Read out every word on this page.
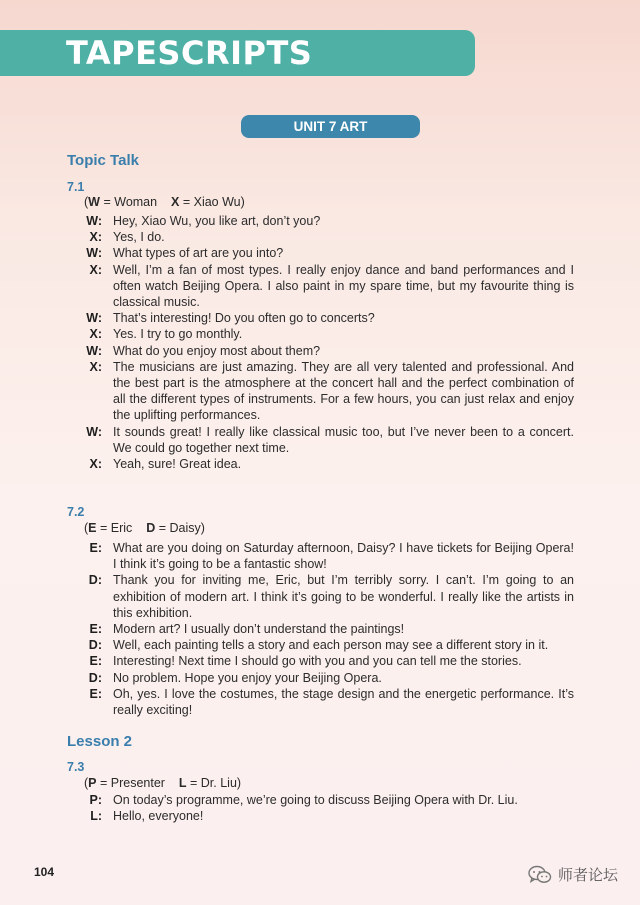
TAPESCRIPTS
UNIT 7 ART
Topic Talk
7.1
(W = Woman X = Xiao Wu)
W: Hey, Xiao Wu, you like art, don’t you?
X: Yes, I do.
W: What types of art are you into?
X: Well, I’m a fan of most types. I really enjoy dance and band performances and I often watch Beijing Opera. I also paint in my spare time, but my favourite thing is classical music.
W: That’s interesting! Do you often go to concerts?
X: Yes. I try to go monthly.
W: What do you enjoy most about them?
X: The musicians are just amazing. They are all very talented and professional. And the best part is the atmosphere at the concert hall and the perfect combination of all the different types of instruments. For a few hours, you can just relax and enjoy the uplifting performances.
W: It sounds great! I really like classical music too, but I’ve never been to a concert. We could go together next time.
X: Yeah, sure! Great idea.
7.2
(E = Eric D = Daisy)
E: What are you doing on Saturday afternoon, Daisy? I have tickets for Beijing Opera! I think it’s going to be a fantastic show!
D: Thank you for inviting me, Eric, but I’m terribly sorry. I can’t. I’m going to an exhibition of modern art. I think it’s going to be wonderful. I really like the artists in this exhibition.
E: Modern art? I usually don’t understand the paintings!
D: Well, each painting tells a story and each person may see a different story in it.
E: Interesting! Next time I should go with you and you can tell me the stories.
D: No problem. Hope you enjoy your Beijing Opera.
E: Oh, yes. I love the costumes, the stage design and the energetic performance. It’s really exciting!
Lesson 2
7.3
(P = Presenter L = Dr. Liu)
P: On today’s programme, we’re going to discuss Beijing Opera with Dr. Liu.
L: Hello, everyone!
104	师者论坛
